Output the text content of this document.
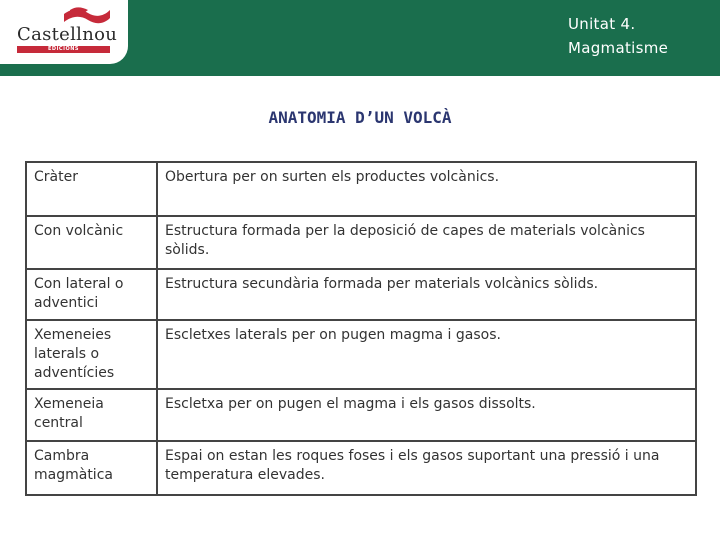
Castellnou
EDICIONS
Unitat 4.
Magmatisme
ANATOMIA D’UN VOLCÀ
Cràter	Obertura per on surten els productes volcànics.
Con volcànic	Estructura formada per la deposició de capes de materials volcànics sòlids.
Con lateral o adventici	Estructura secundària formada per materials volcànics sòlids.
Xemeneies laterals o adventícies	Escletxes laterals per on pugen magma i gasos.
Xemeneia central	Escletxa per on pugen el magma i els gasos dissolts.
Cambra magmàtica	Espai on estan les roques foses i els gasos suportant una pressió i una temperatura elevades.
